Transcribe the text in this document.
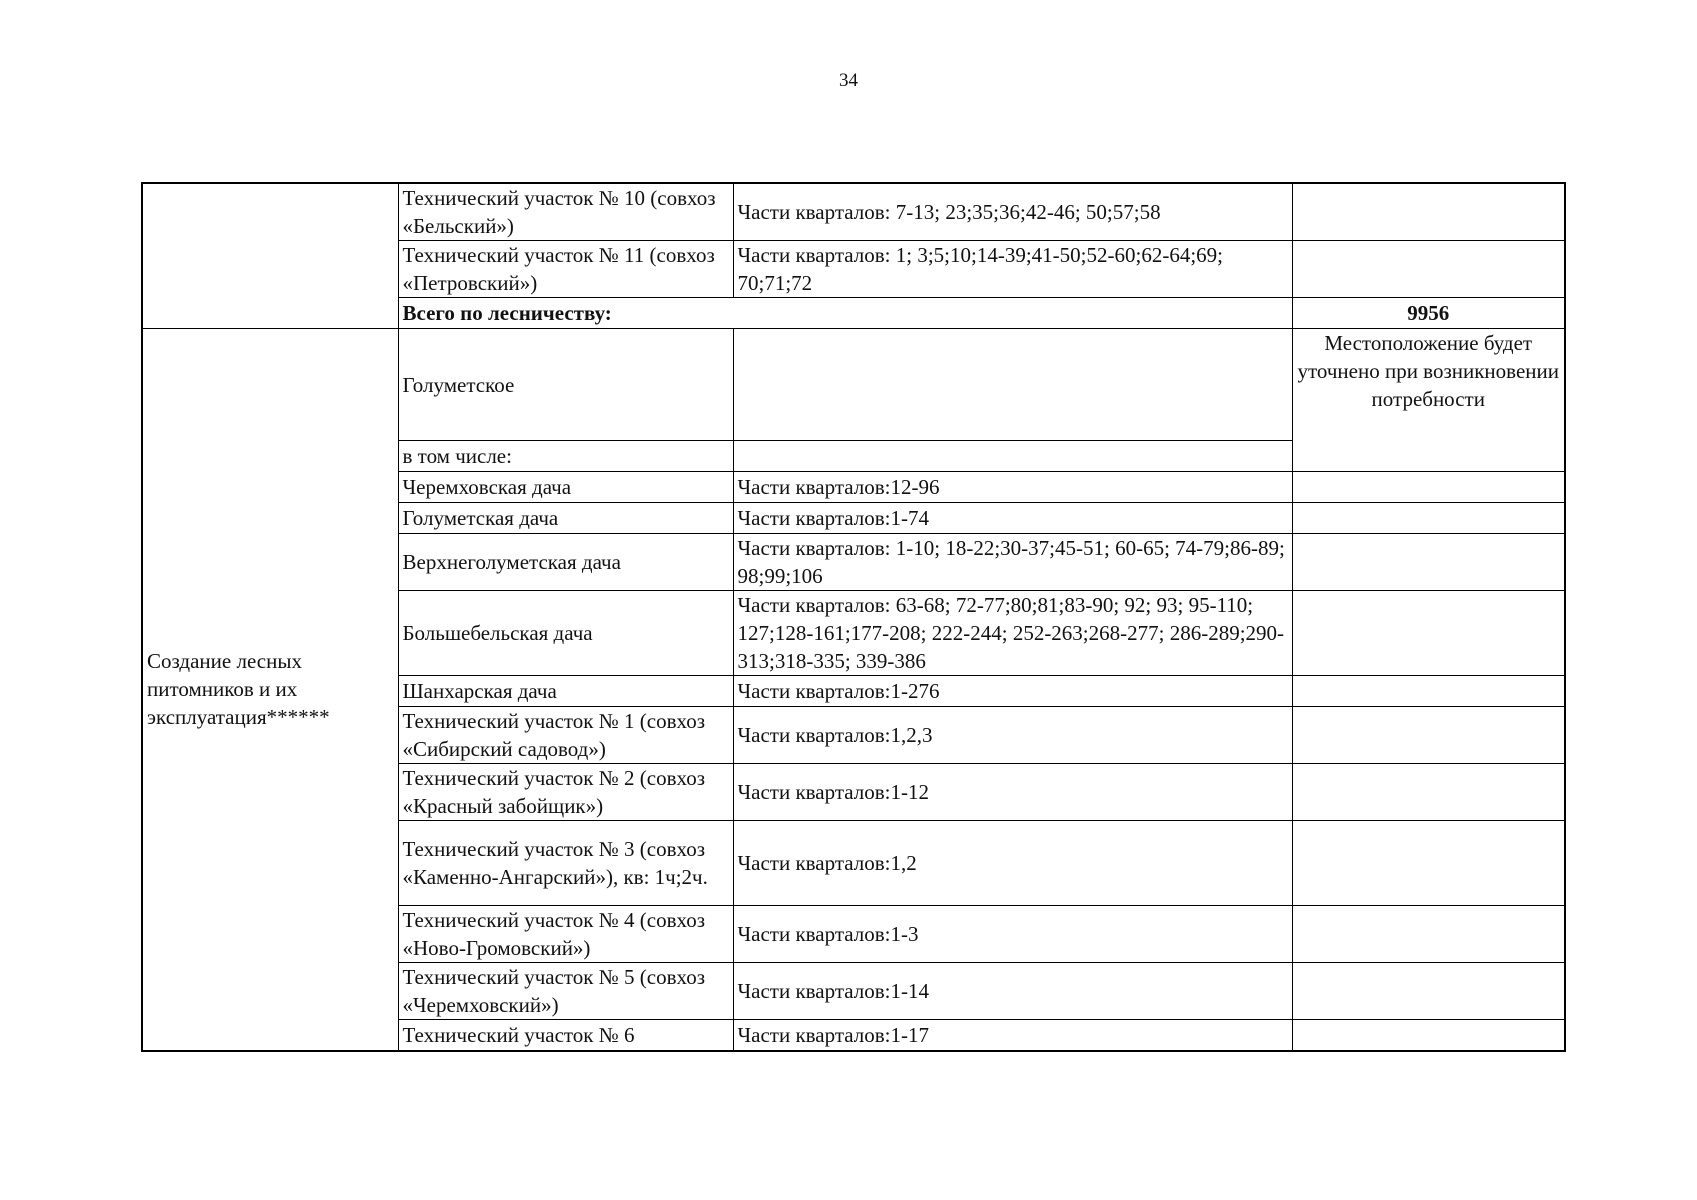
34
	Технический участок № 10 (совхоз «Бельский»)	Части кварталов: 7-13; 23;35;36;42-46; 50;57;58	
	Технический участок № 11 (совхоз «Петровский»)	Части кварталов: 1; 3;5;10;14-39;41-50;52-60;62-64;69; 70;71;72	
	Всего по лесничеству:		9956
Создание лесных питомников и их эксплуатация******	Голуметское		Местоположение будет уточнено при возникновении потребности
	в том числе:		
	Черемховская дача	Части кварталов:12-96	
	Голуметская дача	Части кварталов:1-74	
	Верхнеголуметская дача	Части кварталов: 1-10; 18-22;30-37;45-51; 60-65; 74-79;86-89; 98;99;106	
	Большебельская дача	Части кварталов: 63-68; 72-77;80;81;83-90; 92; 93; 95-110; 127;128-161;177-208; 222-244; 252-263;268-277; 286-289;290-313;318-335; 339-386	
	Шанхарская дача	Части кварталов:1-276	
	Технический участок № 1 (совхоз «Сибирский садовод»)	Части кварталов:1,2,3	
	Технический участок № 2 (совхоз «Красный забойщик»)	Части кварталов:1-12	
	Технический участок № 3 (совхоз «Каменно-Ангарский»), кв: 1ч;2ч.	Части кварталов:1,2	
	Технический участок № 4 (совхоз «Ново-Громовский»)	Части кварталов:1-3	
	Технический участок № 5 (совхоз «Черемховский»)	Части кварталов:1-14	
	Технический участок № 6	Части кварталов:1-17	
